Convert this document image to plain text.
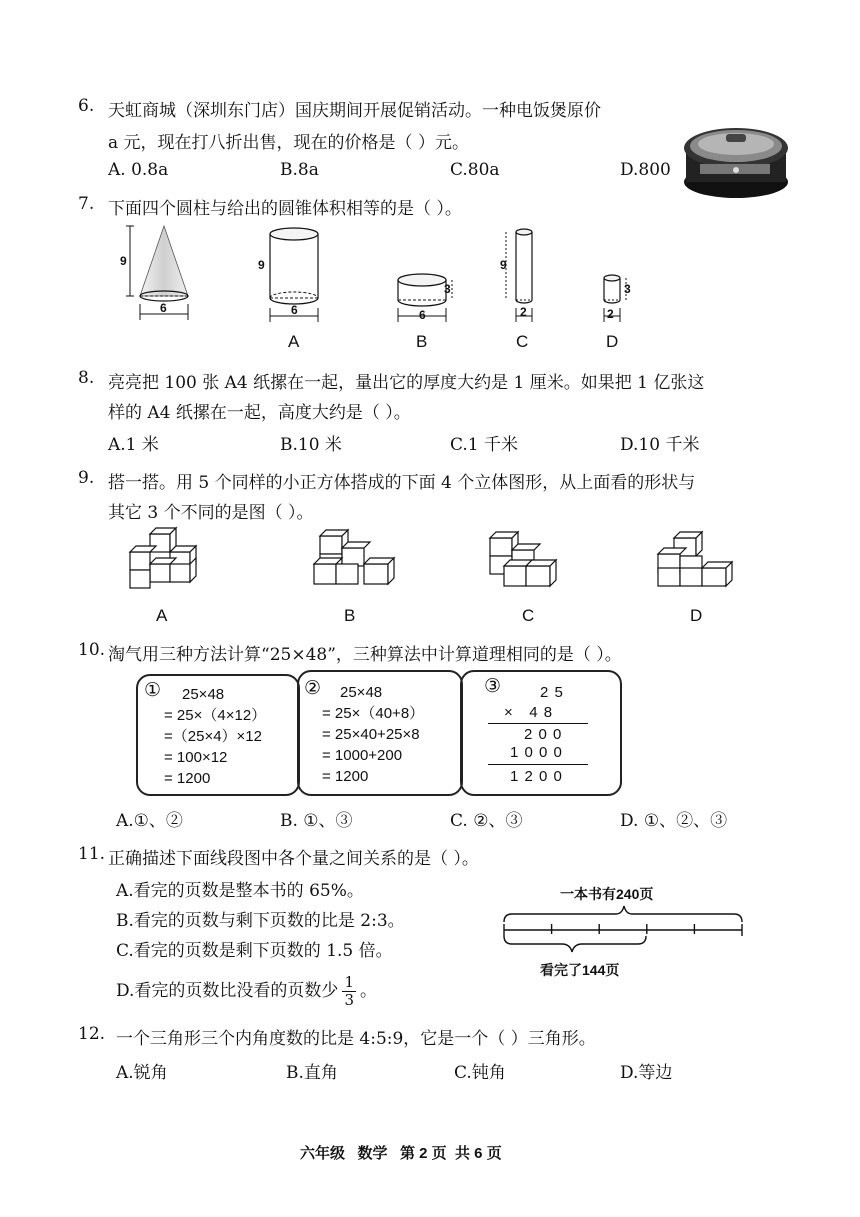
6. 天虹商城（深圳东门店）国庆期间开展促销活动。一种电饭煲原价
a 元，现在打八折出售，现在的价格是（ ）元。
A. 0.8a	B.8a	C.80a	D.800
7. 下面四个圆柱与给出的圆锥体积相等的是（ ）。
9
6
9
6
A
3
6
B
9
2
C
3
2
D
8. 亮亮把 100 张 A4 纸摞在一起，量出它的厚度大约是 1 厘米。如果把 1 亿张这
样的 A4 纸摞在一起，高度大约是（ ）。
A.1 米	B.10 米	C.1 千米	D.10 千米
9. 搭一搭。用 5 个同样的小正方体搭成的下面 4 个立体图形，从上面看的形状与
其它 3 个不同的是图（ ）。
A	B	C	D
10. 淘气用三种方法计算“25×48”，三种算法中计算道理相同的是（ ）。
① 25×48
= 25×（4×12）
=（25×4）×12
= 100×12
= 1200
② 25×48
= 25×（40+8）
= 25×40+25×8
= 1000+200
= 1200
③	2 5
×   4 8
2 0 0
1 0 0 0
1 2 0 0
A.①、②	B. ①、③	C. ②、③	D. ①、②、③
11. 正确描述下面线段图中各个量之间关系的是（ ）。
A.看完的页数是整本书的 65%。
B.看完的页数与剩下页数的比是 2:3。
C.看完的页数是剩下页数的 1.5 倍。
D.看完的页数比没看的页数少 $\frac{1}{3}$ 。
一本书有240页
看完了144页
12. 一个三角形三个内角度数的比是 4:5:9，它是一个（ ）三角形。
A.锐角	B.直角	C.钝角	D.等边
六年级   数学   第 2 页  共 6 页
